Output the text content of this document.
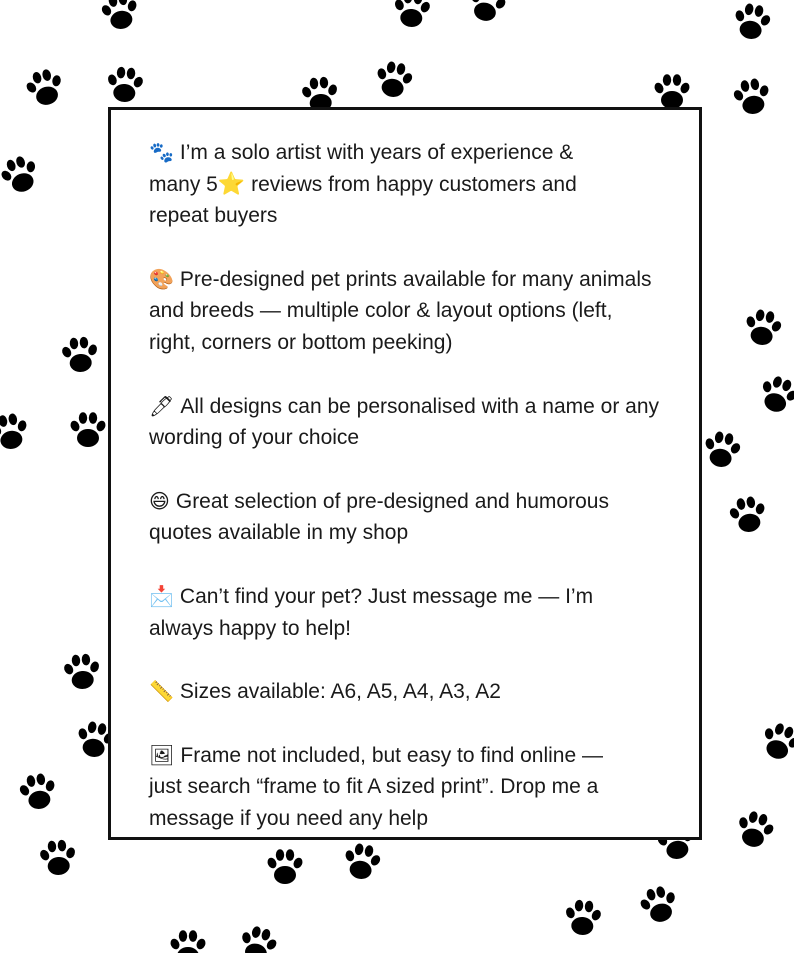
🐾 I’m a solo artist with years of experience &
many 5⭐ reviews from happy customers and
repeat buyers
🎨 Pre-designed pet prints available for many animals
and breeds — multiple color & layout options (left,
right, corners or bottom peeking)
🖊 All designs can be personalised with a name or any
wording of your choice
😄 Great selection of pre-designed and humorous
quotes available in my shop
📩 Can’t find your pet? Just message me — I’m
always happy to help!
📏 Sizes available: A6, A5, A4, A3, A2
🖼 Frame not included, but easy to find online —
just search “frame to fit A sized print”. Drop me a
message if you need any help
